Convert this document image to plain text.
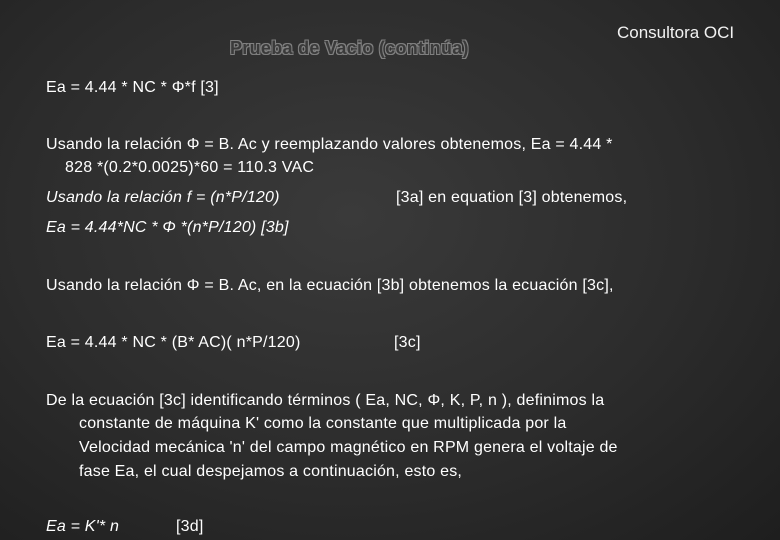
Consultora OCI
Prueba de Vacio (continúa)
Ea = 4.44 * NC * Φ*f [3]
Usando la relación Φ = B. Ac y reemplazando valores obtenemos, Ea = 4.44 *
828 *(0.2*0.0025)*60 = 110.3 VAC
Usando la relación f = (n*P/120)	[3a] en equation [3] obtenemos,
Ea = 4.44*NC * Φ *(n*P/120) [3b]
Usando la relación Φ = B. Ac, en la ecuación [3b] obtenemos la ecuación [3c],
Ea = 4.44 * NC * (B* AC)( n*P/120)	[3c]
De la ecuación [3c] identificando términos ( Ea, NC, Φ, K, P, n ), definimos la
constante de máquina K' como la constante que multiplicada por la
Velocidad mecánica 'n' del campo magnético en RPM genera el voltaje de
fase Ea, el cual despejamos a continuación, esto es,
Ea = K'* n	[3d]
